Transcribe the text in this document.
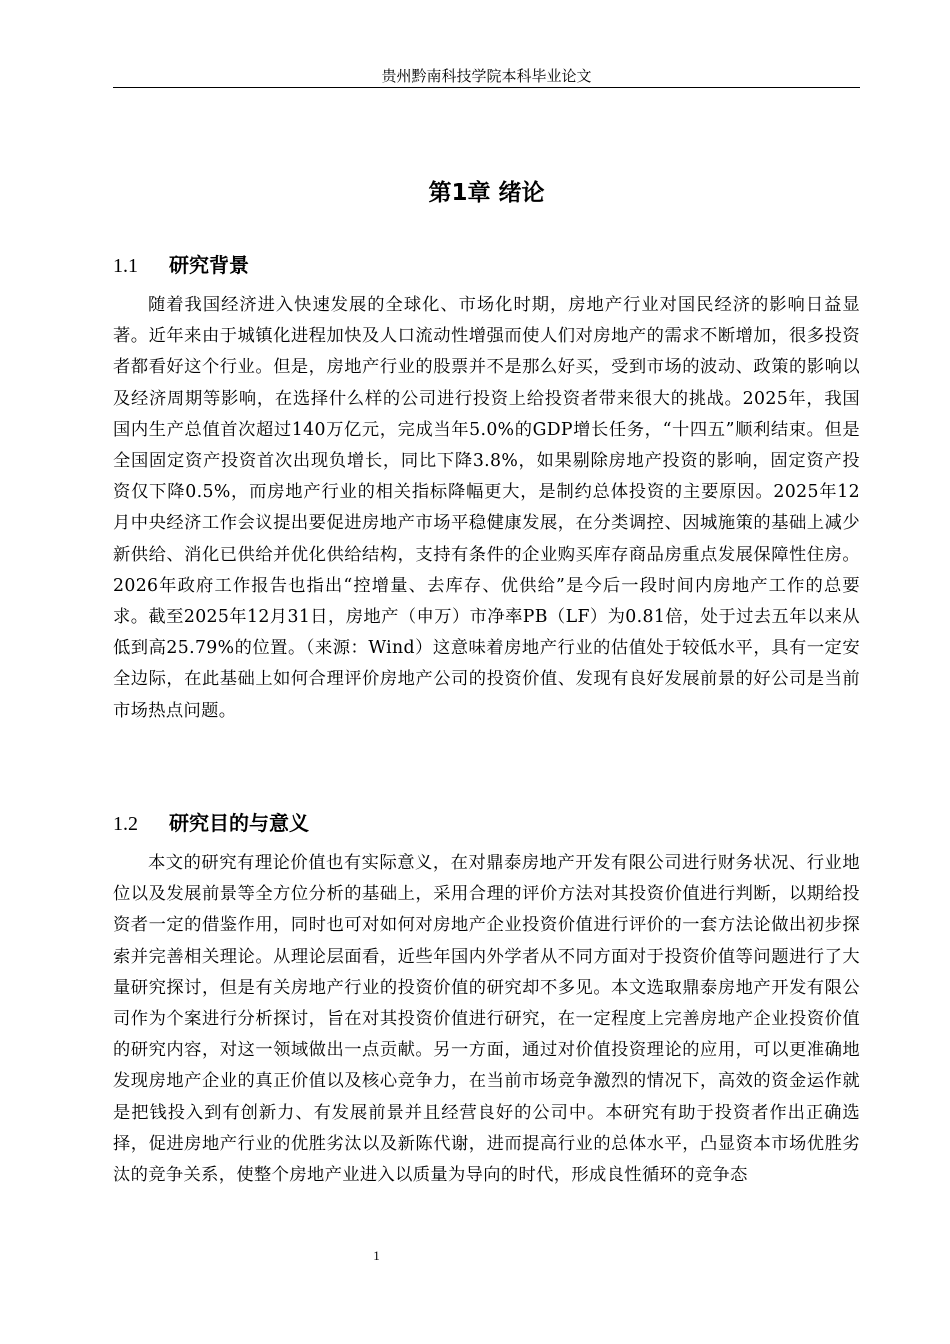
贵州黔南科技学院本科毕业论文
第1章 绪论
1.1 研究背景

随着我国经济进入快速发展的全球化、市场化时期，房地产行业对国民经济的影响日益显著。近年来由于城镇化进程加快及人口流动性增强而使人们对房地产的需求不断增加，很多投资者都看好这个行业。但是，房地产行业的股票并不是那么好买，受到市场的波动、政策的影响以及经济周期等影响，在选择什么样的公司进行投资上给投资者带来很大的挑战。2025年，我国国内生产总值首次超过140万亿元，完成当年5.0%的GDP增长任务，“十四五”顺利结束。但是全国固定资产投资首次出现负增长，同比下降3.8%，如果剔除房地产投资的影响，固定资产投资仅下降0.5%，而房地产行业的相关指标降幅更大，是制约总体投资的主要原因。2025年12月中央经济工作会议提出要促进房地产市场平稳健康发展，在分类调控、因城施策的基础上减少新供给、消化已供给并优化供给结构，支持有条件的企业购买库存商品房重点发展保障性住房。2026年政府工作报告也指出“控增量、去库存、优供给”是今后一段时间内房地产工作的总要求。截至2025年12月31日，房地产（申万）市净率PB（LF）为0.81倍，处于过去五年以来从低到高25.79%的位置。（来源：Wind）这意味着房地产行业的估值处于较低水平，具有一定安全边际，在此基础上如何合理评价房地产公司的投资价值、发现有良好发展前景的好公司是当前市场热点问题。

1.2 研究目的与意义

本文的研究有理论价值也有实际意义，在对鼎泰房地产开发有限公司进行财务状况、行业地位以及发展前景等全方位分析的基础上，采用合理的评价方法对其投资价值进行判断，以期给投资者一定的借鉴作用，同时也可对如何对房地产企业投资价值进行评价的一套方法论做出初步探索并完善相关理论。从理论层面看，近些年国内外学者从不同方面对于投资价值等问题进行了大量研究探讨，但是有关房地产行业的投资价值的研究却不多见。本文选取鼎泰房地产开发有限公司作为个案进行分析探讨，旨在对其投资价值进行研究，在一定程度上完善房地产企业投资价值的研究内容，对这一领域做出一点贡献。另一方面，通过对价值投资理论的应用，可以更准确地发现房地产企业的真正价值以及核心竞争力，在当前市场竞争激烈的情况下，高效的资金运作就是把钱投入到有创新力、有发展前景并且经营良好的公司中。本研究有助于投资者作出正确选择，促进房地产行业的优胜劣汰以及新陈代谢，进而提高行业的总体水平，凸显资本市场优胜劣汰的竞争关系，使整个房地产业进入以质量为导向的时代，形成良性循环的竞争态

1
